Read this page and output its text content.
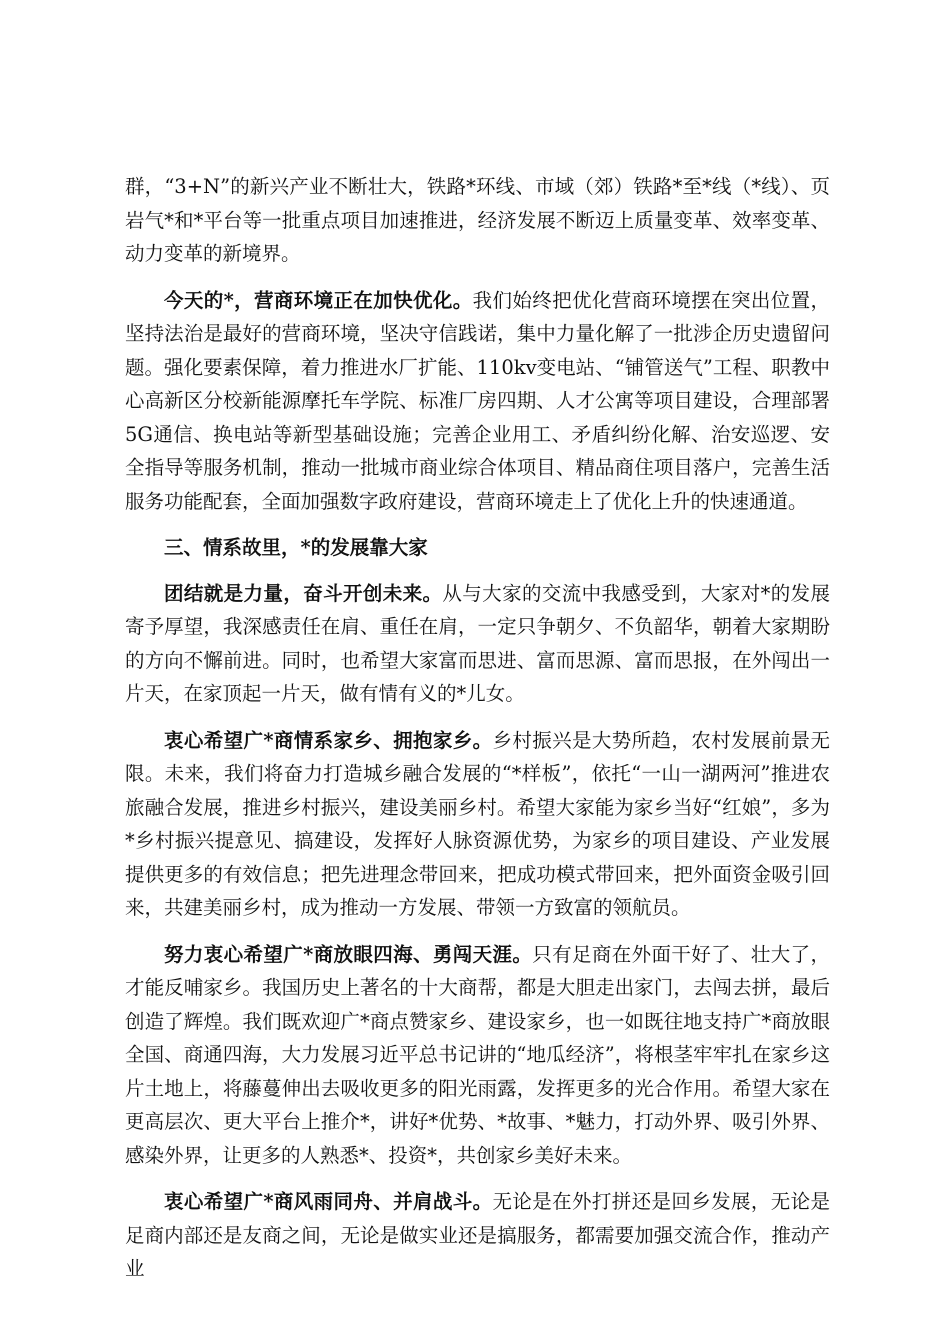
群，“3+N”的新兴产业不断壮大，铁路*环线、市域（郊）铁路*至*线（*线）、页岩气*和*平台等一批重点项目加速推进，经济发展不断迈上质量变革、效率变革、动力变革的新境界。

今天的*，营商环境正在加快优化。我们始终把优化营商环境摆在突出位置，坚持法治是最好的营商环境，坚决守信践诺，集中力量化解了一批涉企历史遗留问题。强化要素保障，着力推进水厂扩能、110kv变电站、“铺管送气”工程、职教中心高新区分校新能源摩托车学院、标准厂房四期、人才公寓等项目建设，合理部署5G通信、换电站等新型基础设施；完善企业用工、矛盾纠纷化解、治安巡逻、安全指导等服务机制，推动一批城市商业综合体项目、精品商住项目落户，完善生活服务功能配套，全面加强数字政府建设，营商环境走上了优化上升的快速通道。

三、情系故里，*的发展靠大家

团结就是力量，奋斗开创未来。从与大家的交流中我感受到，大家对*的发展寄予厚望，我深感责任在肩、重任在肩，一定只争朝夕、不负韶华，朝着大家期盼的方向不懈前进。同时，也希望大家富而思进、富而思源、富而思报，在外闯出一片天，在家顶起一片天，做有情有义的*儿女。

衷心希望广*商情系家乡、拥抱家乡。乡村振兴是大势所趋，农村发展前景无限。未来，我们将奋力打造城乡融合发展的“*样板”，依托“一山一湖两河”推进农旅融合发展，推进乡村振兴，建设美丽乡村。希望大家能为家乡当好“红娘”，多为*乡村振兴提意见、搞建设，发挥好人脉资源优势，为家乡的项目建设、产业发展提供更多的有效信息；把先进理念带回来，把成功模式带回来，把外面资金吸引回来，共建美丽乡村，成为推动一方发展、带领一方致富的领航员。

努力衷心希望广*商放眼四海、勇闯天涯。只有足商在外面干好了、壮大了，才能反哺家乡。我国历史上著名的十大商帮，都是大胆走出家门，去闯去拼，最后创造了辉煌。我们既欢迎广*商点赞家乡、建设家乡，也一如既往地支持广*商放眼全国、商通四海，大力发展习近平总书记讲的“地瓜经济”，将根茎牢牢扎在家乡这片土地上，将藤蔓伸出去吸收更多的阳光雨露，发挥更多的光合作用。希望大家在更高层次、更大平台上推介*，讲好*优势、*故事、*魅力，打动外界、吸引外界、感染外界，让更多的人熟悉*、投资*，共创家乡美好未来。

衷心希望广*商风雨同舟、并肩战斗。无论是在外打拼还是回乡发展，无论是足商内部还是友商之间，无论是做实业还是搞服务，都需要加强交流合作，推动产业
